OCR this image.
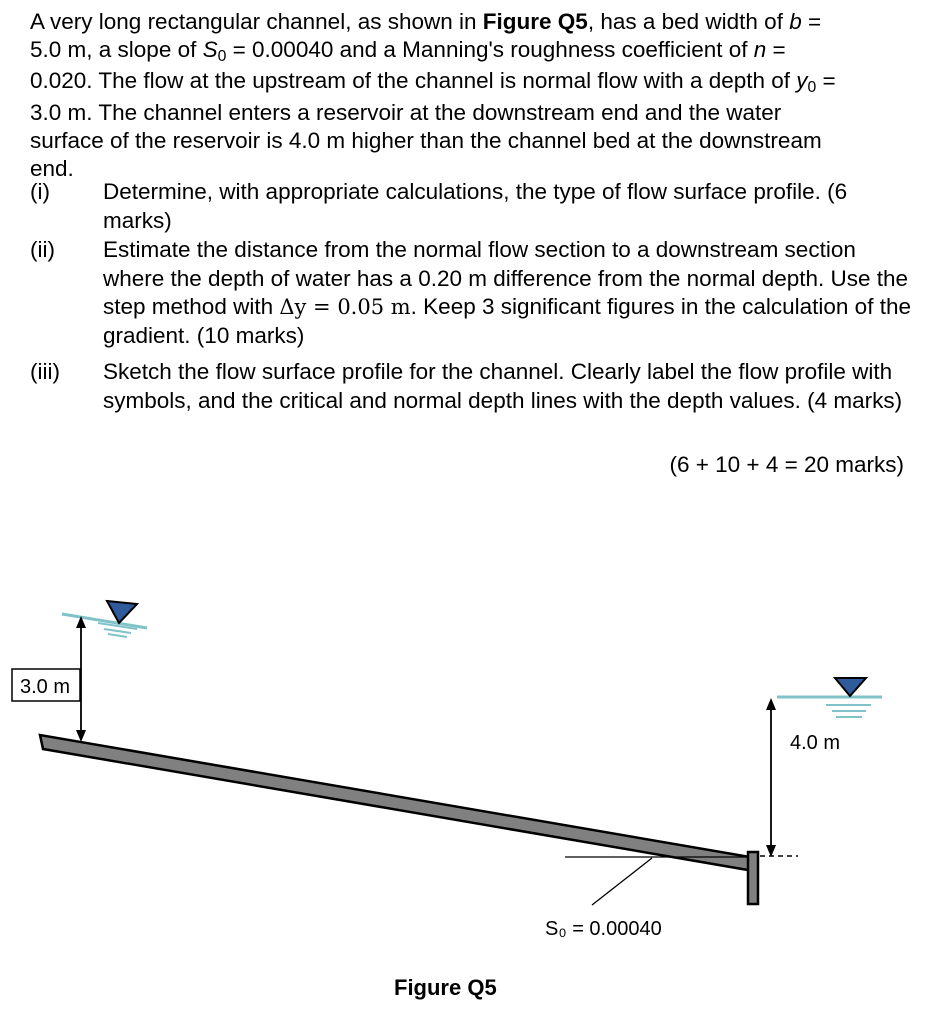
A very long rectangular channel, as shown in Figure Q5, has a bed width of b =
5.0 m, a slope of $S_0 = 0.00040$ and a Manning's roughness coefficient of n =
0.020. The flow at the upstream of the channel is normal flow with a depth of $y_0$ =
3.0 m. The channel enters a reservoir at the downstream end and the water
surface of the reservoir is 4.0 m higher than the channel bed at the downstream
end.
(i) Determine, with appropriate calculations, the type of flow surface profile. (6 marks)
(ii) Estimate the distance from the normal flow section to a downstream section where the depth of water has a 0.20 m difference from the normal depth. Use the step method with Δy = 0.05 m. Keep 3 significant figures in the calculation of the gradient. (10 marks)
(iii) Sketch the flow surface profile for the channel. Clearly label the flow profile with symbols, and the critical and normal depth lines with the depth values. (4 marks)
(6 + 10 + 4 = 20 marks)
3.0 m
4.0 m
S₀ = 0.00040
Figure Q5
